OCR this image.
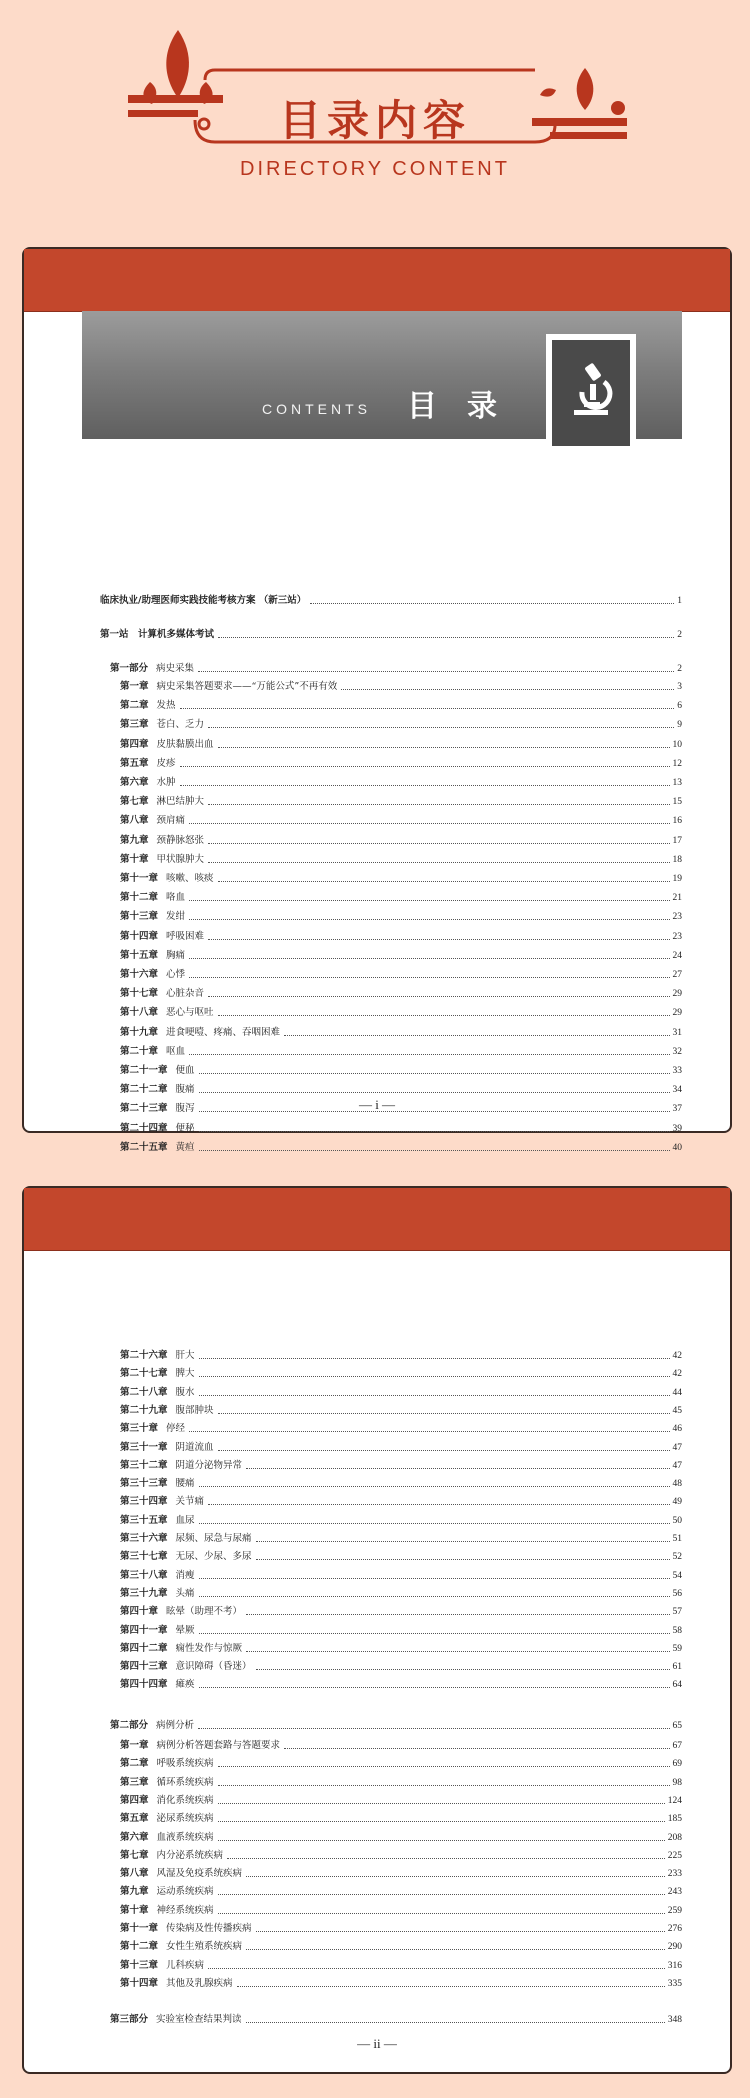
目录内容
DIRECTORY CONTENT
CONTENTS 目录
临床执业/助理医师实践技能考核方案 （新三站）	1
第一站　计算机多媒体考试	2
第一部分 病史采集	2
第一章 病史采集答题要求——“万能公式”不再有效	3
第二章 发热	6
第三章 苍白、乏力	9
第四章 皮肤黏膜出血	10
第五章 皮疹	12
第六章 水肿	13
第七章 淋巴结肿大	15
第八章 颈肩痛	16
第九章 颈静脉怒张	17
第十章 甲状腺肿大	18
第十一章 咳嗽、咳痰	19
第十二章 咯血	21
第十三章 发绀	23
第十四章 呼吸困难	23
第十五章 胸痛	24
第十六章 心悸	27
第十七章 心脏杂音	29
第十八章 恶心与呕吐	29
第十九章 进食哽噎、疼痛、吞咽困难	31
第二十章 呕血	32
第二十一章 便血	33
第二十二章 腹痛	34
第二十三章 腹泻	37
第二十四章 便秘	39
第二十五章 黄疸	40
— i —
第二十六章 肝大	42
第二十七章 脾大	42
第二十八章 腹水	44
第二十九章 腹部肿块	45
第三十章 停经	46
第三十一章 阴道流血	47
第三十二章 阴道分泌物异常	47
第三十三章 腰痛	48
第三十四章 关节痛	49
第三十五章 血尿	50
第三十六章 尿频、尿急与尿痛	51
第三十七章 无尿、少尿、多尿	52
第三十八章 消瘦	54
第三十九章 头痛	56
第四十章 眩晕（助理不考）	57
第四十一章 晕厥	58
第四十二章 痫性发作与惊厥	59
第四十三章 意识障碍（昏迷）	61
第四十四章 瘫痪	64
第二部分 病例分析	65
第一章 病例分析答题套路与答题要求	67
第二章 呼吸系统疾病	69
第三章 循环系统疾病	98
第四章 消化系统疾病	124
第五章 泌尿系统疾病	185
第六章 血液系统疾病	208
第七章 内分泌系统疾病	225
第八章 风湿及免疫系统疾病	233
第九章 运动系统疾病	243
第十章 神经系统疾病	259
第十一章 传染病及性传播疾病	276
第十二章 女性生殖系统疾病	290
第十三章 儿科疾病	316
第十四章 其他及乳腺疾病	335
第三部分 实验室检查结果判读	348
— ii —
